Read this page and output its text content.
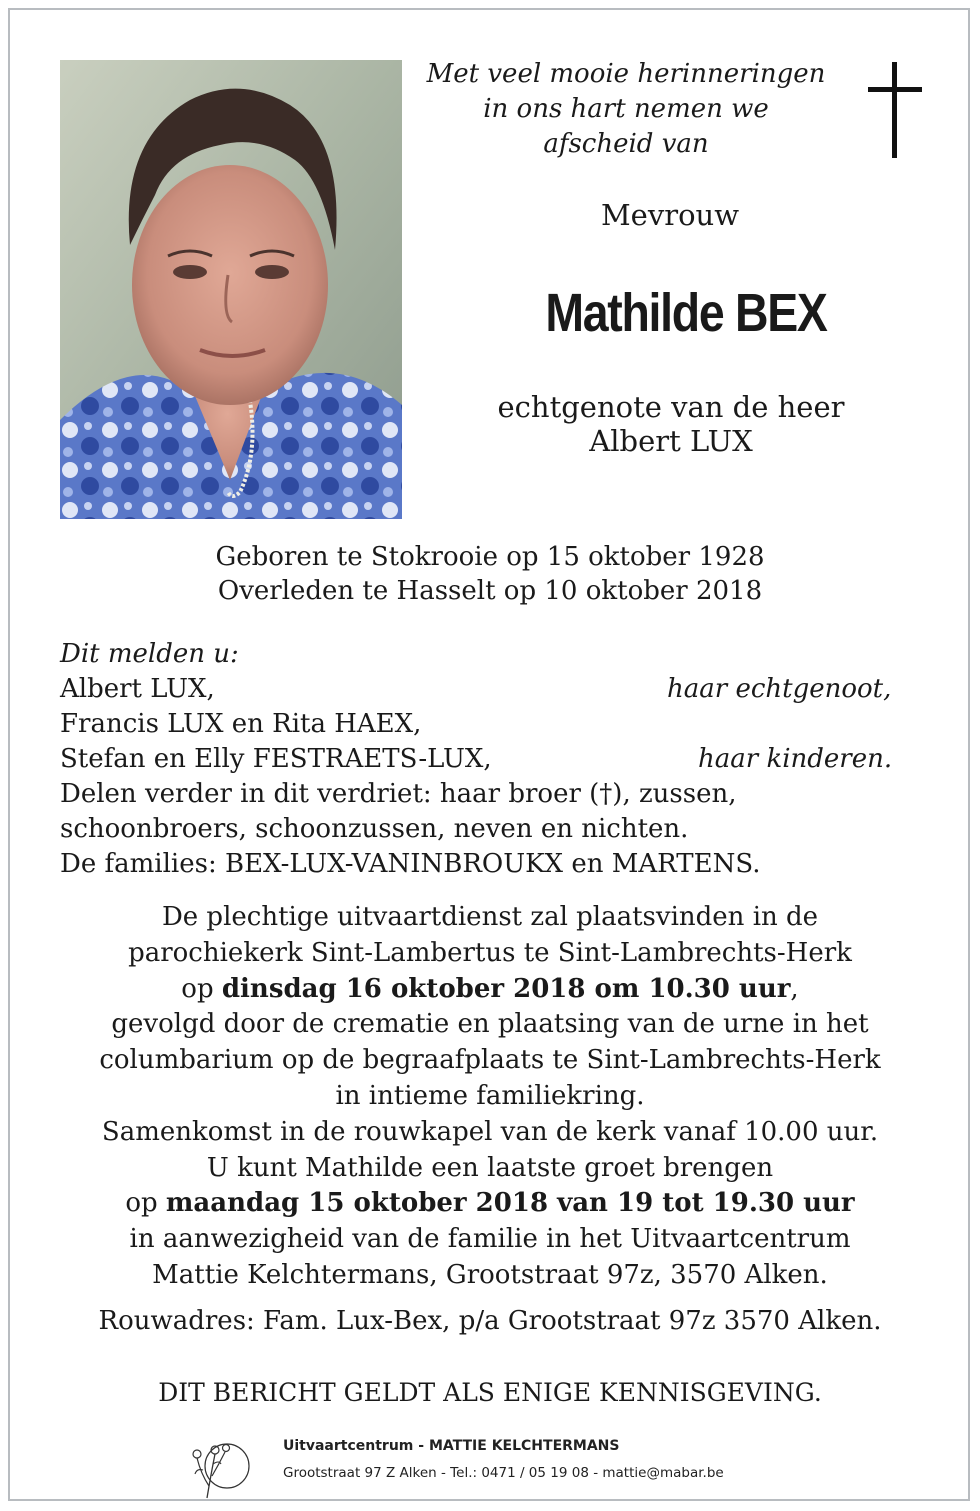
Met veel mooie herinneringen
in ons hart nemen we
afscheid van
Mevrouw
Mathilde BEX
echtgenote van de heer
Albert LUX
Geboren te Stokrooie op 15 oktober 1928
Overleden te Hasselt op 10 oktober 2018
Dit melden u:
Albert LUX,	haar echtgenoot,
Francis LUX en Rita HAEX,
Stefan en Elly FESTRAETS-LUX,	haar kinderen.
Delen verder in dit verdriet: haar broer (†), zussen,
schoonbroers, schoonzussen, neven en nichten.
De families: BEX-LUX-VANINBROUKX en MARTENS.
De plechtige uitvaartdienst zal plaatsvinden in de
parochiekerk Sint-Lambertus te Sint-Lambrechts-Herk
op dinsdag 16 oktober 2018 om 10.30 uur,
gevolgd door de crematie en plaatsing van de urne in het
columbarium op de begraafplaats te Sint-Lambrechts-Herk
in intieme familiekring.
Samenkomst in de rouwkapel van de kerk vanaf 10.00 uur.
U kunt Mathilde een laatste groet brengen
op maandag 15 oktober 2018 van 19 tot 19.30 uur
in aanwezigheid van de familie in het Uitvaartcentrum
Mattie Kelchtermans, Grootstraat 97z, 3570 Alken.
Rouwadres: Fam. Lux-Bex, p/a Grootstraat 97z 3570 Alken.
DIT BERICHT GELDT ALS ENIGE KENNISGEVING.
Uitvaartcentrum - MATTIE KELCHTERMANS
Grootstraat 97 Z Alken - Tel.: 0471 / 05 19 08 - mattie@mabar.be
